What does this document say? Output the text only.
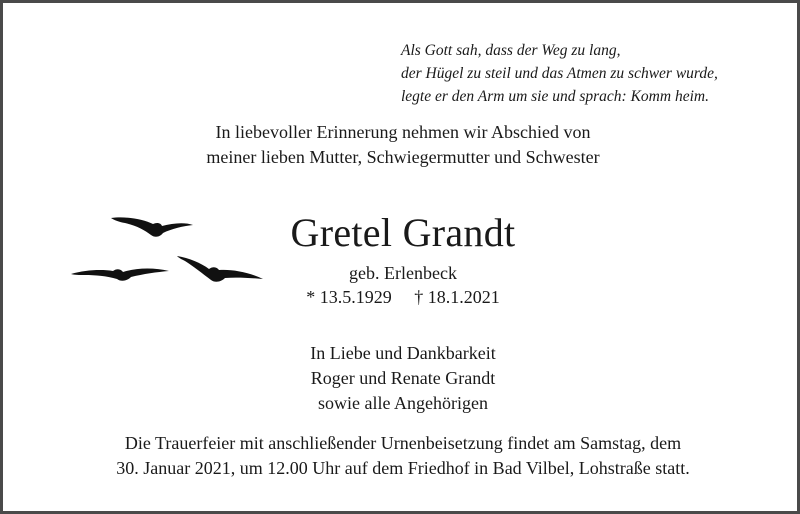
Als Gott sah, dass der Weg zu lang,
der Hügel zu steil und das Atmen zu schwer wurde,
legte er den Arm um sie und sprach: Komm heim.
In liebevoller Erinnerung nehmen wir Abschied von
meiner lieben Mutter, Schwiegermutter und Schwester
Gretel Grandt
geb. Erlenbeck
* 13.5.1929     † 18.1.2021
In Liebe und Dankbarkeit
Roger und Renate Grandt
sowie alle Angehörigen
Die Trauerfeier mit anschließender Urnenbeisetzung findet am Samstag, dem
30. Januar 2021, um 12.00 Uhr auf dem Friedhof in Bad Vilbel, Lohstraße statt.
